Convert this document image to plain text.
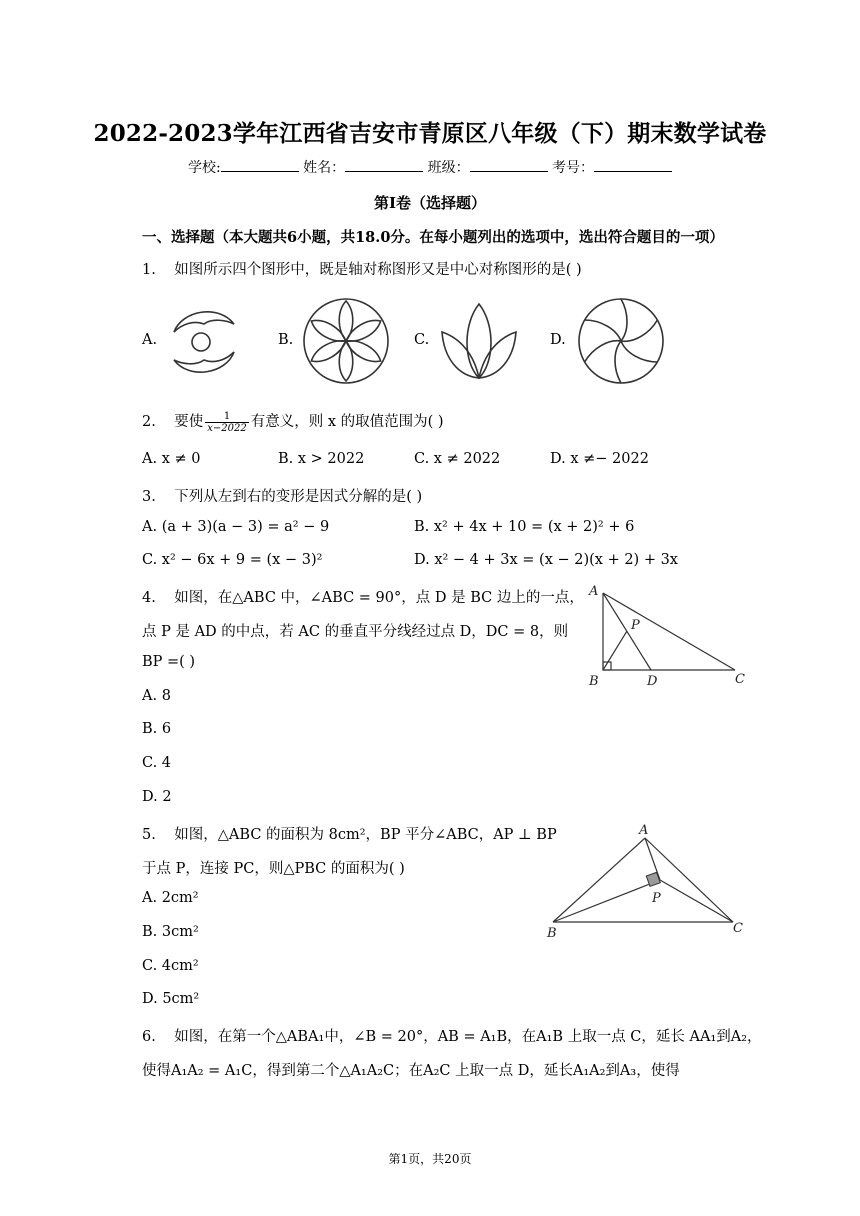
2022-2023学年江西省吉安市青原区八年级（下）期末数学试卷
学校:	姓名：	班级：	考号：
第I卷（选择题）
一、选择题（本大题共6小题，共18.0分。在每小题列出的选项中，选出符合题目的一项）
1. 如图所示四个图形中，既是轴对称图形又是中心对称图形的是( )
A.	B.	C.	D.
2. 要使 $\frac{1}{x-2022}$ 有意义，则 x 的取值范围为( )
A. x ≠ 0	B. x > 2022	C. x ≠ 2022	D. x ≠− 2022
3. 下列从左到右的变形是因式分解的是( )
A. (a + 3)(a − 3) = a² − 9	B. x² + 4x + 10 = (x + 2)² + 6
C. x² − 6x + 9 = (x − 3)²	D. x² − 4 + 3x = (x − 2)(x + 2) + 3x
4. 如图，在△ABC 中，∠ABC = 90°，点 D 是 BC 边上的一点，
点 P 是 AD 的中点，若 AC 的垂直平分线经过点 D，DC = 8，则
BP =( )
A. 8
B. 6
C. 4
D. 2
A
P
B	D	C
5. 如图，△ABC 的面积为 8cm²，BP 平分∠ABC，AP ⊥ BP
于点 P，连接 PC，则△PBC 的面积为( )
A. 2cm²
B. 3cm²
C. 4cm²
D. 5cm²
A
P
B	C
6. 如图，在第一个△ABA₁中，∠B = 20°，AB = A₁B，在A₁B 上取一点 C，延长 AA₁到A₂，
使得A₁A₂ = A₁C，得到第二个△A₁A₂C；在A₂C 上取一点 D，延长A₁A₂到A₃，使得
第1页，共20页
